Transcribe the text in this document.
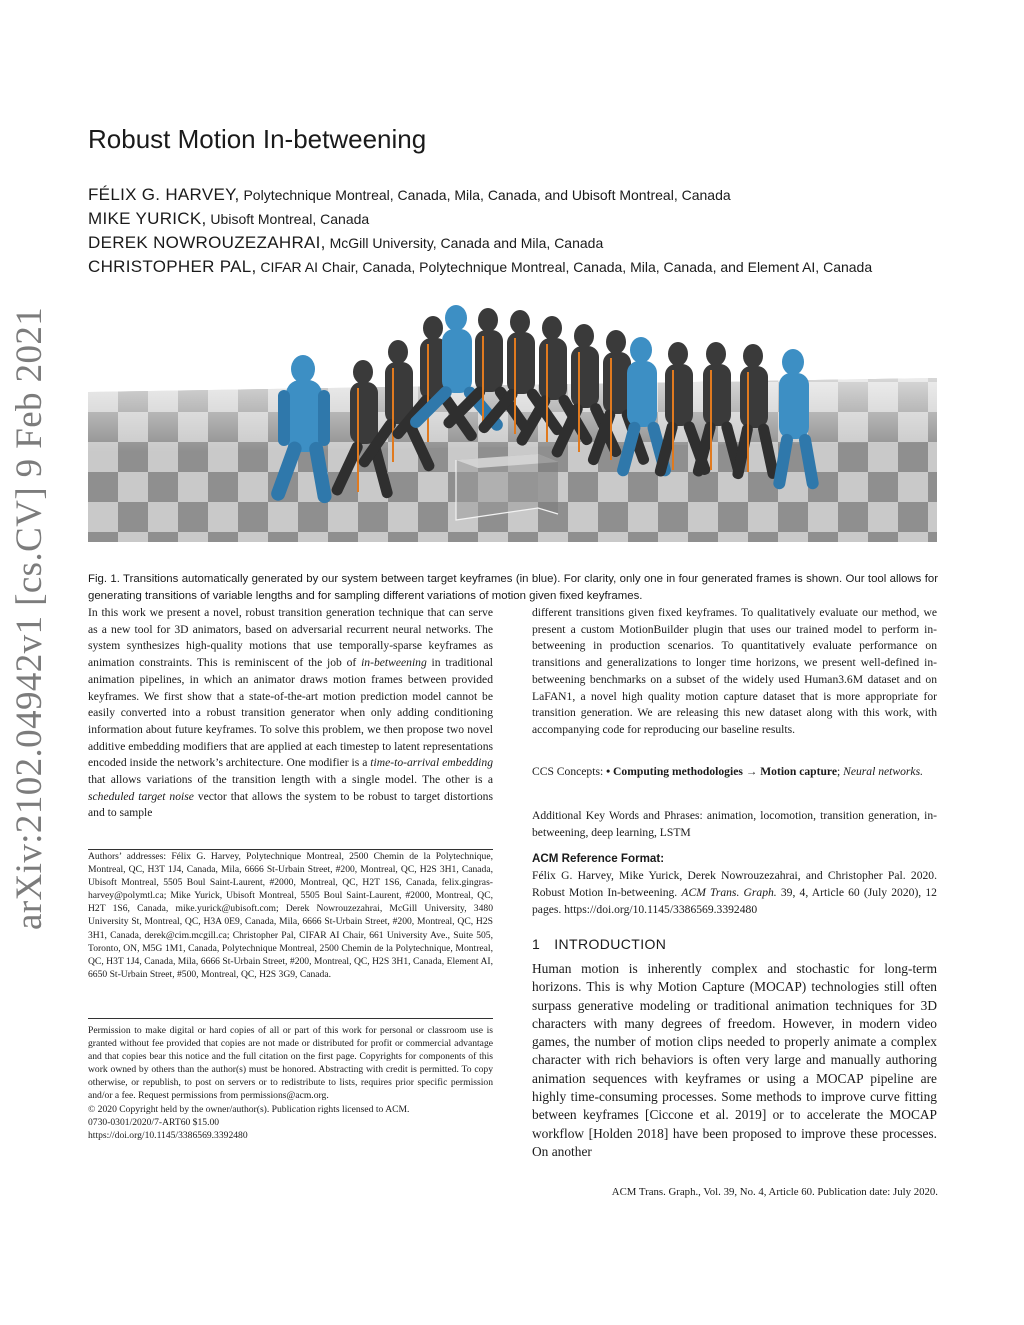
arXiv:2102.04942v1 [cs.CV] 9 Feb 2021
Robust Motion In-betweening
FÉLIX G. HARVEY, Polytechnique Montreal, Canada, Mila, Canada, and Ubisoft Montreal, Canada
MIKE YURICK, Ubisoft Montreal, Canada
DEREK NOWROUZEZAHRAI, McGill University, Canada and Mila, Canada
CHRISTOPHER PAL, CIFAR AI Chair, Canada, Polytechnique Montreal, Canada, Mila, Canada, and Element AI, Canada

Fig. 1. Transitions automatically generated by our system between target keyframes (in blue). For clarity, only one in four generated frames is shown. Our tool allows for generating transitions of variable lengths and for sampling different variations of motion given fixed keyframes.

In this work we present a novel, robust transition generation technique that can serve as a new tool for 3D animators, based on adversarial recurrent neural networks. The system synthesizes high-quality motions that use temporally-sparse keyframes as animation constraints. This is reminiscent of the job of in-betweening in traditional animation pipelines, in which an animator draws motion frames between provided keyframes. We first show that a state-of-the-art motion prediction model cannot be easily converted into a robust transition generator when only adding conditioning information about future keyframes. To solve this problem, we then propose two novel additive embedding modifiers that are applied at each timestep to latent representations encoded inside the network’s architecture. One modifier is a time-to-arrival embedding that allows variations of the transition length with a single model. The other is a scheduled target noise vector that allows the system to be robust to target distortions and to sample

different transitions given fixed keyframes. To qualitatively evaluate our method, we present a custom MotionBuilder plugin that uses our trained model to perform in-betweening in production scenarios. To quantitatively evaluate performance on transitions and generalizations to longer time horizons, we present well-defined in-betweening benchmarks on a subset of the widely used Human3.6M dataset and on LaFAN1, a novel high quality motion capture dataset that is more appropriate for transition generation. We are releasing this new dataset along with this work, with accompanying code for reproducing our baseline results.

CCS Concepts: • Computing methodologies → Motion capture; Neural networks.

Additional Key Words and Phrases: animation, locomotion, transition generation, in-betweening, deep learning, LSTM

ACM Reference Format:

Félix G. Harvey, Mike Yurick, Derek Nowrouzezahrai, and Christopher Pal. 2020. Robust Motion In-betweening. ACM Trans. Graph. 39, 4, Article 60 (July 2020), 12 pages. https://doi.org/10.1145/3386569.3392480

1 INTRODUCTION

Human motion is inherently complex and stochastic for long-term horizons. This is why Motion Capture (MOCAP) technologies still often surpass generative modeling or traditional animation techniques for 3D characters with many degrees of freedom. However, in modern video games, the number of motion clips needed to properly animate a complex character with rich behaviors is often very large and manually authoring animation sequences with keyframes or using a MOCAP pipeline are highly time-consuming processes. Some methods to improve curve fitting between keyframes [Ciccone et al. 2019] or to accelerate the MOCAP workflow [Holden 2018] have been proposed to improve these processes. On another

Authors’ addresses: Félix G. Harvey, Polytechnique Montreal, 2500 Chemin de la Polytechnique, Montreal, QC, H3T 1J4, Canada, Mila, 6666 St-Urbain Street, #200, Montreal, QC, H2S 3H1, Canada, Ubisoft Montreal, 5505 Boul Saint-Laurent, #2000, Montreal, QC, H2T 1S6, Canada, felix.gingras-harvey@polymtl.ca; Mike Yurick, Ubisoft Montreal, 5505 Boul Saint-Laurent, #2000, Montreal, QC, H2T 1S6, Canada, mike.yurick@ubisoft.com; Derek Nowrouzezahrai, McGill University, 3480 University St, Montreal, QC, H3A 0E9, Canada, Mila, 6666 St-Urbain Street, #200, Montreal, QC, H2S 3H1, Canada, derek@cim.mcgill.ca; Christopher Pal, CIFAR AI Chair, 661 University Ave., Suite 505, Toronto, ON, M5G 1M1, Canada, Polytechnique Montreal, 2500 Chemin de la Polytechnique, Montreal, QC, H3T 1J4, Canada, Mila, 6666 St-Urbain Street, #200, Montreal, QC, H2S 3H1, Canada, Element AI, 6650 St-Urbain Street, #500, Montreal, QC, H2S 3G9, Canada.

Permission to make digital or hard copies of all or part of this work for personal or classroom use is granted without fee provided that copies are not made or distributed for profit or commercial advantage and that copies bear this notice and the full citation on the first page. Copyrights for components of this work owned by others than the author(s) must be honored. Abstracting with credit is permitted. To copy otherwise, or republish, to post on servers or to redistribute to lists, requires prior specific permission and/or a fee. Request permissions from permissions@acm.org.
© 2020 Copyright held by the owner/author(s). Publication rights licensed to ACM.
0730-0301/2020/7-ART60 $15.00
https://doi.org/10.1145/3386569.3392480
ACM Trans. Graph., Vol. 39, No. 4, Article 60. Publication date: July 2020.
